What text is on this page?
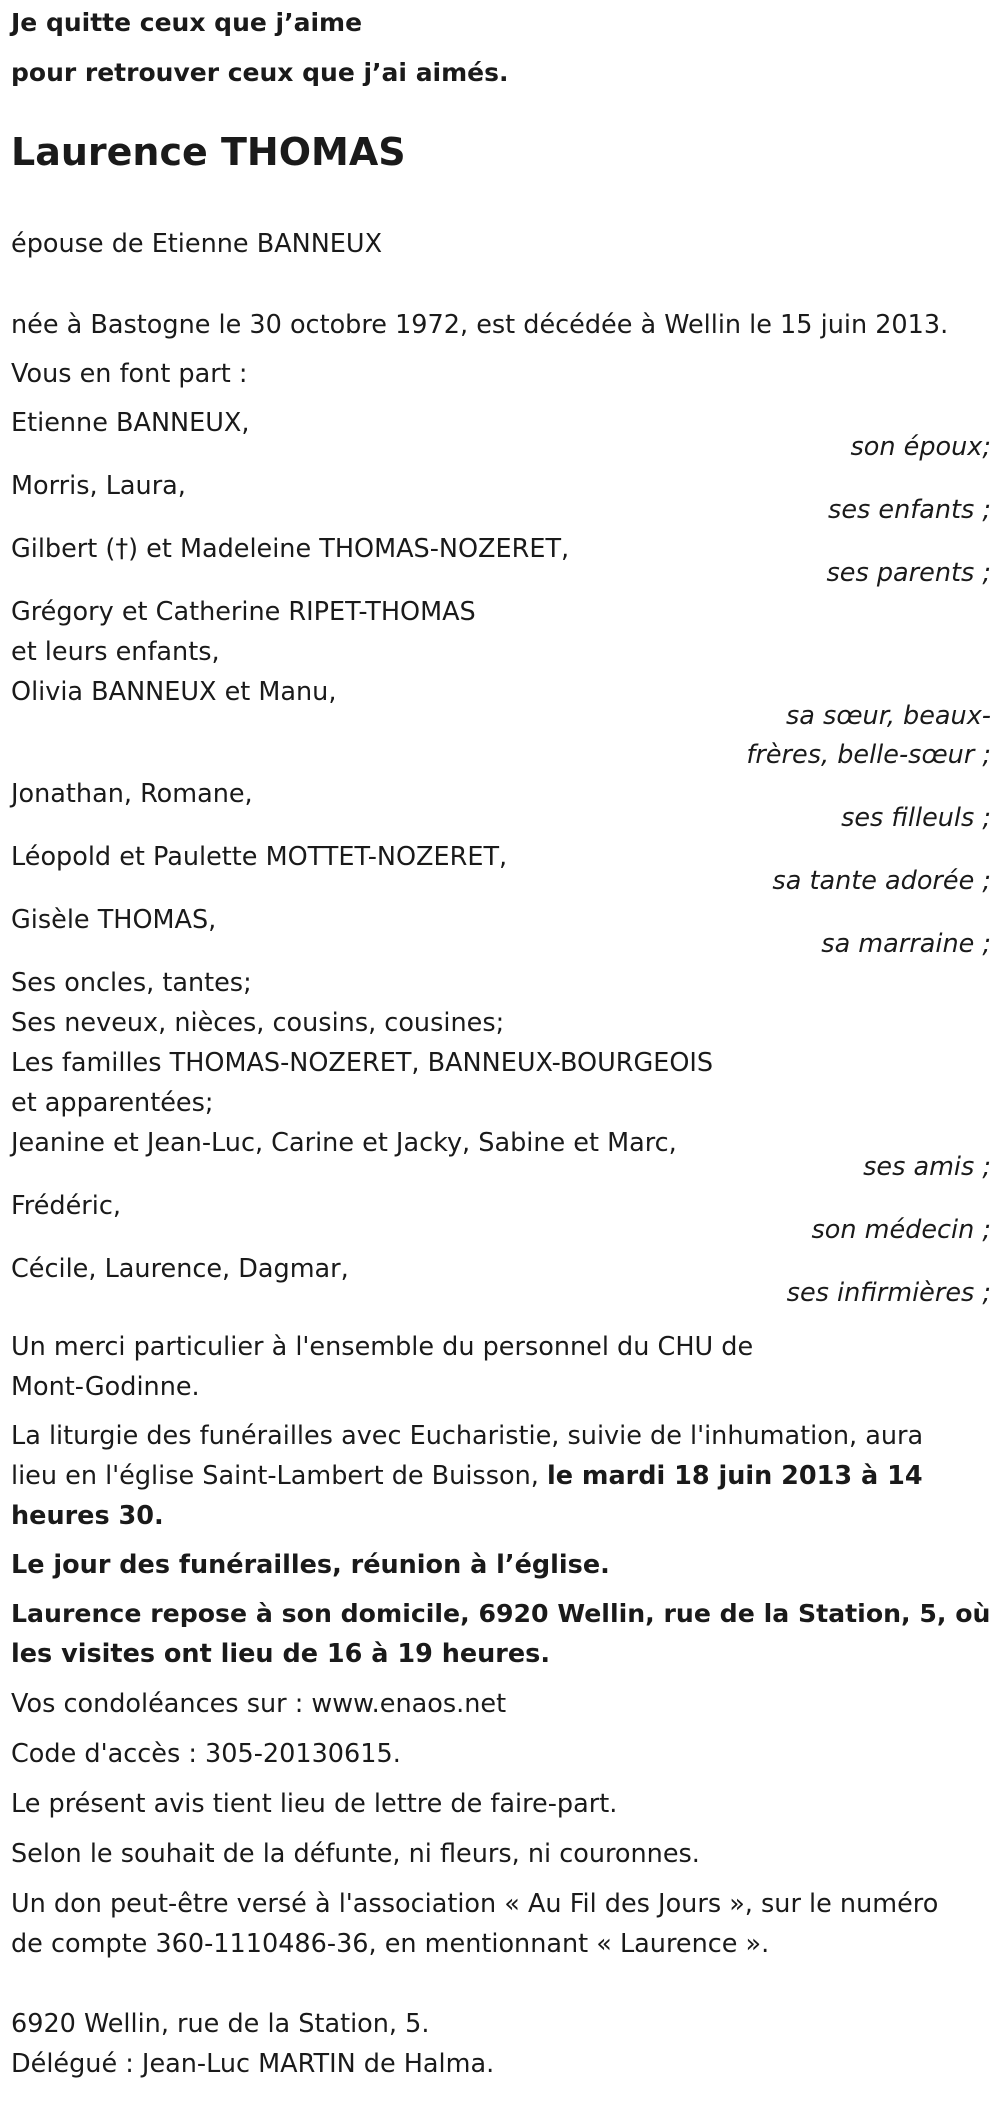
Je quitte ceux que j’aime
pour retrouver ceux que j’ai aimés.
Laurence THOMAS
épouse de Etienne BANNEUX
née à Bastogne le 30 octobre 1972, est décédée à Wellin le 15 juin 2013.
Vous en font part :
Etienne BANNEUX,
son époux;
Morris, Laura,
ses enfants ;
Gilbert (†) et Madeleine THOMAS-NOZERET,
ses parents ;
Grégory et Catherine RIPET-THOMAS
et leurs enfants,
Olivia BANNEUX et Manu,
sa sœur, beaux-
frères, belle-sœur ;
Jonathan, Romane,
ses filleuls ;
Léopold et Paulette MOTTET-NOZERET,
sa tante adorée ;
Gisèle THOMAS,
sa marraine ;
Ses oncles, tantes;
Ses neveux, nièces, cousins, cousines;
Les familles THOMAS-NOZERET, BANNEUX-BOURGEOIS
et apparentées;
Jeanine et Jean-Luc, Carine et Jacky, Sabine et Marc,
ses amis ;
Frédéric,
son médecin ;
Cécile, Laurence, Dagmar,
ses infirmières ;
Un merci particulier à l'ensemble du personnel du CHU de
Mont-Godinne.
La liturgie des funérailles avec Eucharistie, suivie de l'inhumation, aura
lieu en l'église Saint-Lambert de Buisson, le mardi 18 juin 2013 à 14
heures 30.
Le jour des funérailles, réunion à l’église.
Laurence repose à son domicile, 6920 Wellin, rue de la Station, 5, où
les visites ont lieu de 16 à 19 heures.
Vos condoléances sur : www.enaos.net
Code d'accès : 305-20130615.
Le présent avis tient lieu de lettre de faire-part.
Selon le souhait de la défunte, ni fleurs, ni couronnes.
Un don peut-être versé à l'association « Au Fil des Jours », sur le numéro
de compte 360-1110486-36, en mentionnant « Laurence ».
6920 Wellin, rue de la Station, 5.
Délégué : Jean-Luc MARTIN de Halma.
